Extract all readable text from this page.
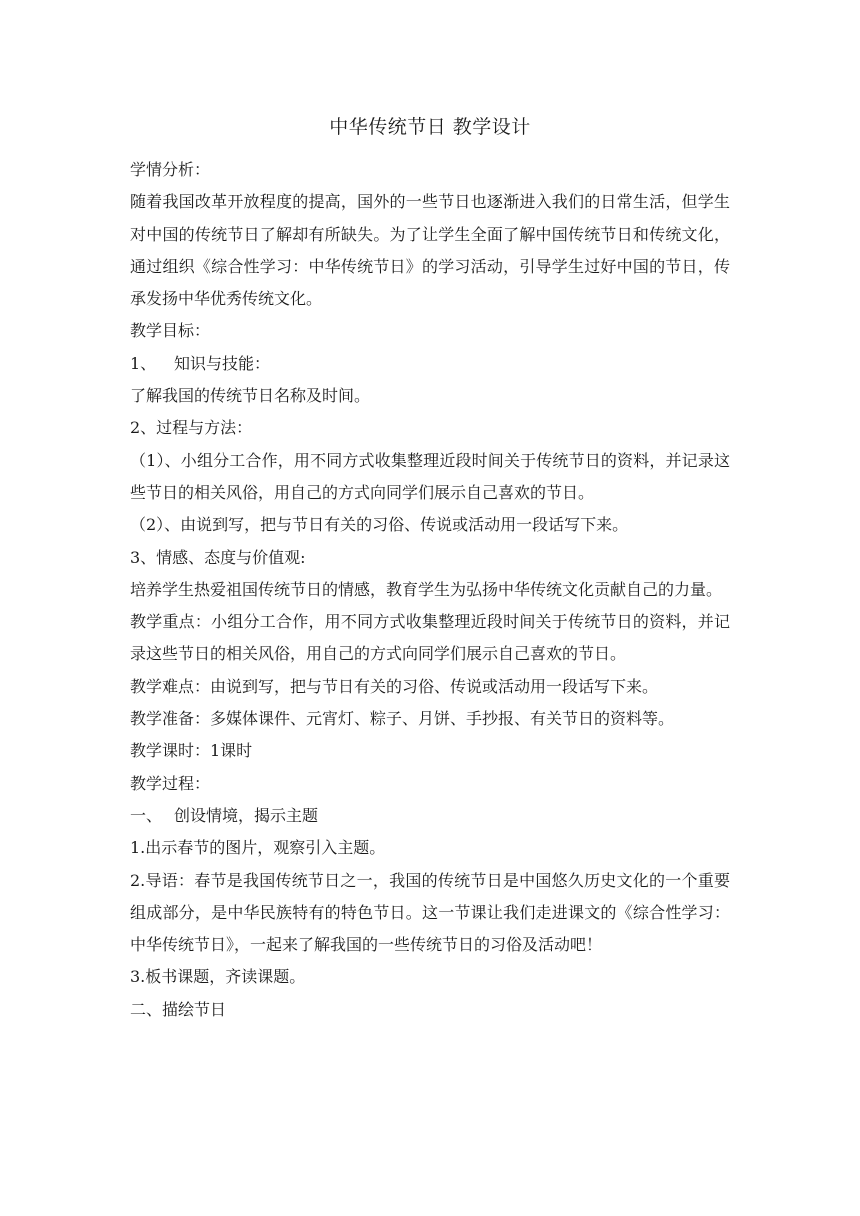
中华传统节日 教学设计

学情分析：

随着我国改革开放程度的提高，国外的一些节日也逐渐进入我们的日常生活，但学生对中国的传统节日了解却有所缺失。为了让学生全面了解中国传统节日和传统文化，通过组织《综合性学习：中华传统节日》的学习活动，引导学生过好中国的节日，传承发扬中华优秀传统文化。

教学目标：

1、 知识与技能：

了解我国的传统节日名称及时间。

2、过程与方法：

（1）、小组分工合作，用不同方式收集整理近段时间关于传统节日的资料，并记录这些节日的相关风俗，用自己的方式向同学们展示自己喜欢的节日。

（2）、由说到写，把与节日有关的习俗、传说或活动用一段话写下来。

3、情感、态度与价值观:

培养学生热爱祖国传统节日的情感，教育学生为弘扬中华传统文化贡献自己的力量。

教学重点：小组分工合作，用不同方式收集整理近段时间关于传统节日的资料，并记录这些节日的相关风俗，用自己的方式向同学们展示自己喜欢的节日。

教学难点：由说到写，把与节日有关的习俗、传说或活动用一段话写下来。

教学准备：多媒体课件、元宵灯、粽子、月饼、手抄报、有关节日的资料等。

教学课时：1课时

教学过程：

一、 创设情境，揭示主题

1.出示春节的图片，观察引入主题。

2.导语：春节是我国传统节日之一，我国的传统节日是中国悠久历史文化的一个重要组成部分，是中华民族特有的特色节日。这一节课让我们走进课文的《综合性学习：中华传统节日》，一起来了解我国的一些传统节日的习俗及活动吧！

3.板书课题，齐读课题。

二、描绘节日
